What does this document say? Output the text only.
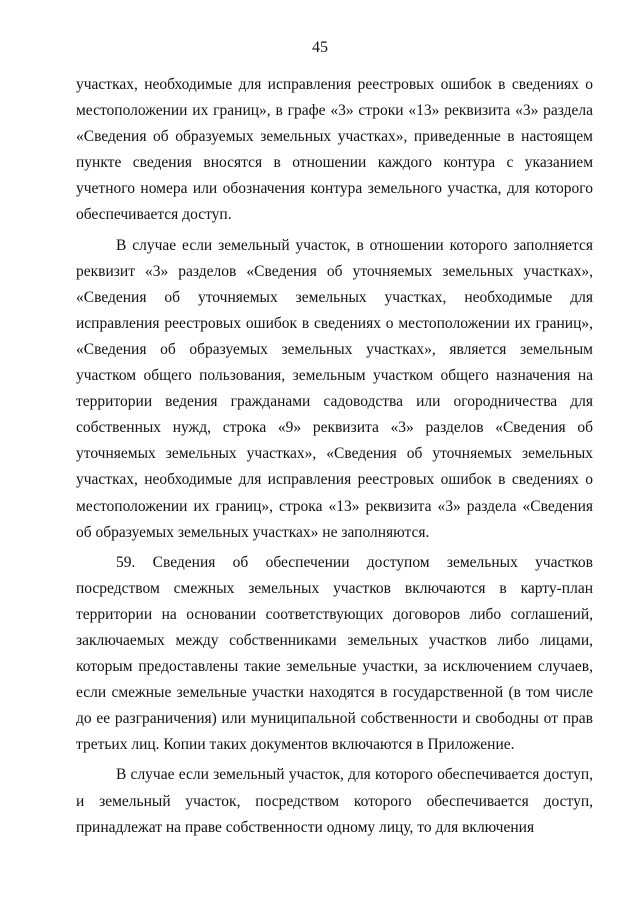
45

участках, необходимые для исправления реестровых ошибок в сведениях о местоположении их границ», в графе «3» строки «13» реквизита «3» раздела «Сведения об образуемых земельных участках», приведенные в настоящем пункте сведения вносятся в отношении каждого контура с указанием учетного номера или обозначения контура земельного участка, для которого обеспечивается доступ.

В случае если земельный участок, в отношении которого заполняется реквизит «3» разделов «Сведения об уточняемых земельных участках», «Сведения об уточняемых земельных участках, необходимые для исправления реестровых ошибок в сведениях о местоположении их границ», «Сведения об образуемых земельных участках», является земельным участком общего пользования, земельным участком общего назначения на территории ведения гражданами садоводства или огородничества для собственных нужд, строка «9» реквизита «3» разделов «Сведения об уточняемых земельных участках», «Сведения об уточняемых земельных участках, необходимые для исправления реестровых ошибок в сведениях о местоположении их границ», строка «13» реквизита «3» раздела «Сведения об образуемых земельных участках» не заполняются.

59. Сведения об обеспечении доступом земельных участков посредством смежных земельных участков включаются в карту-план территории на основании соответствующих договоров либо соглашений, заключаемых между собственниками земельных участков либо лицами, которым предоставлены такие земельные участки, за исключением случаев, если смежные земельные участки находятся в государственной (в том числе до ее разграничения) или муниципальной собственности и свободны от прав третьих лиц. Копии таких документов включаются в Приложение.

В случае если земельный участок, для которого обеспечивается доступ, и земельный участок, посредством которого обеспечивается доступ, принадлежат на праве собственности одному лицу, то для включения
